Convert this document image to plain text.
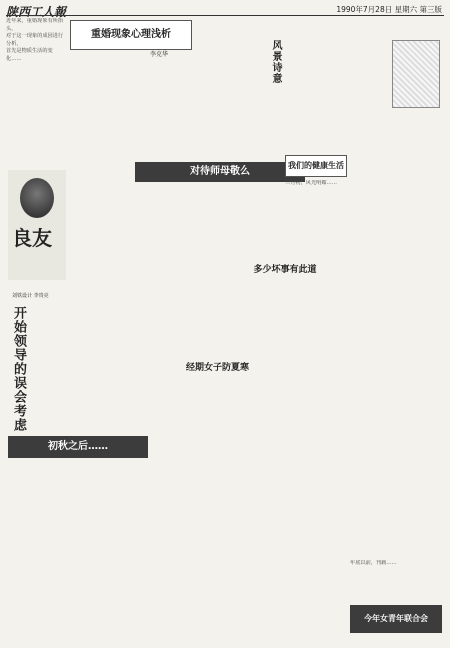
陕西工人報	1990年7月28日 星期六 第三版
近年来，重婚现象有所抬头，
对于这一现象的成因进行分析，
首先是物质生活的变化……
重婚现象心理浅析
李克华
对待师母敬么
良友
刘铁设计 李贵亮
开始领导的误会考虑
风景诗意
我们的健康生活
三月初，风光明媚……
多少坏事有此道
经期女子防夏寒
初秋之后……
今年女青年联合会
年底以前，刊载……
